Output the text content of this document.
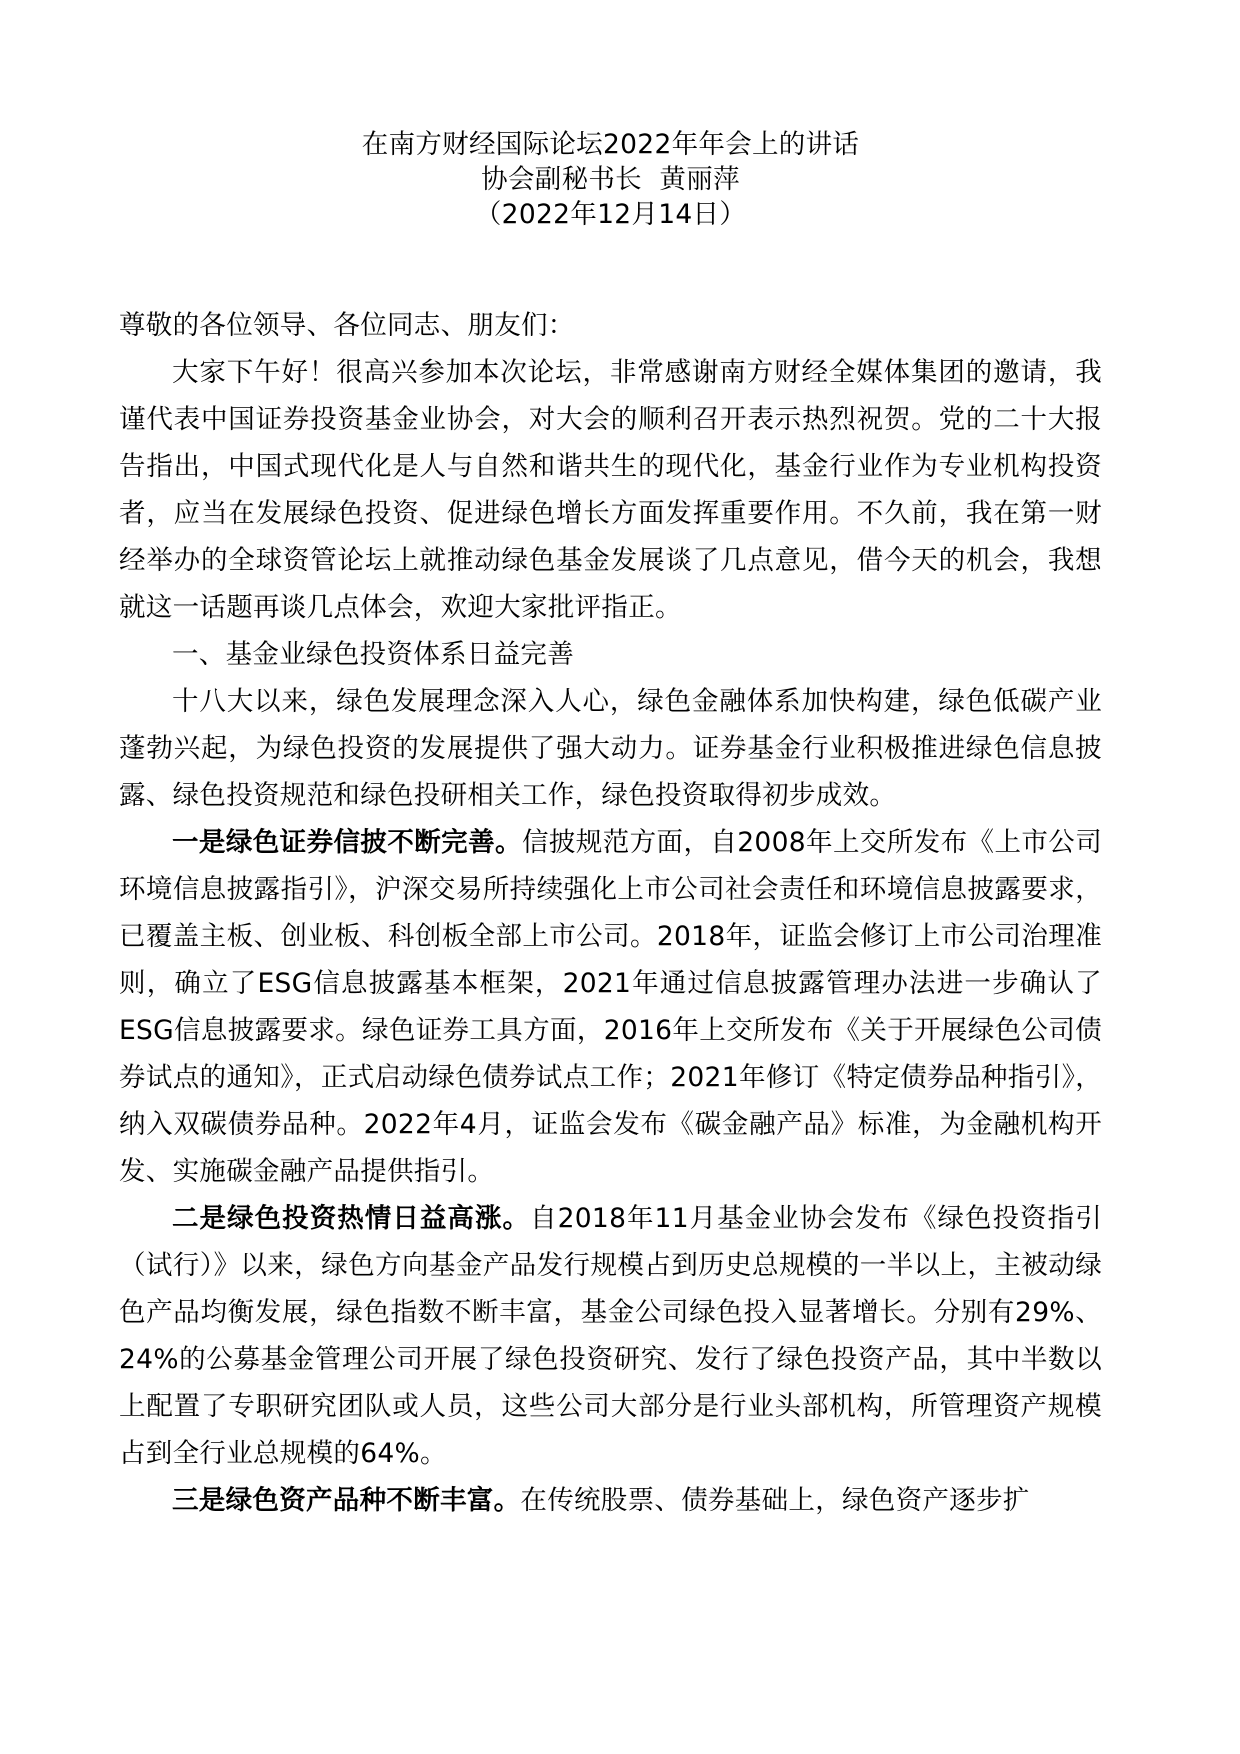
在南方财经国际论坛2022年年会上的讲话
协会副秘书长  黄丽萍
（2022年12月14日）
尊敬的各位领导、各位同志、朋友们：

大家下午好！很高兴参加本次论坛，非常感谢南方财经全媒体集团的邀请，我谨代表中国证券投资基金业协会，对大会的顺利召开表示热烈祝贺。党的二十大报告指出，中国式现代化是人与自然和谐共生的现代化，基金行业作为专业机构投资者，应当在发展绿色投资、促进绿色增长方面发挥重要作用。不久前，我在第一财经举办的全球资管论坛上就推动绿色基金发展谈了几点意见，借今天的机会，我想就这一话题再谈几点体会，欢迎大家批评指正。

一、基金业绿色投资体系日益完善

十八大以来，绿色发展理念深入人心，绿色金融体系加快构建，绿色低碳产业蓬勃兴起，为绿色投资的发展提供了强大动力。证券基金行业积极推进绿色信息披露、绿色投资规范和绿色投研相关工作，绿色投资取得初步成效。

一是绿色证券信披不断完善。信披规范方面，自2008年上交所发布《上市公司环境信息披露指引》，沪深交易所持续强化上市公司社会责任和环境信息披露要求，已覆盖主板、创业板、科创板全部上市公司。2018年，证监会修订上市公司治理准则，确立了ESG信息披露基本框架，2021年通过信息披露管理办法进一步确认了ESG信息披露要求。绿色证券工具方面，2016年上交所发布《关于开展绿色公司债券试点的通知》，正式启动绿色债券试点工作；2021年修订《特定债券品种指引》，纳入双碳债券品种。2022年4月，证监会发布《碳金融产品》标准，为金融机构开发、实施碳金融产品提供指引。

二是绿色投资热情日益高涨。自2018年11月基金业协会发布《绿色投资指引（试行）》以来，绿色方向基金产品发行规模占到历史总规模的一半以上，主被动绿色产品均衡发展，绿色指数不断丰富，基金公司绿色投入显著增长。分别有29%、24%的公募基金管理公司开展了绿色投资研究、发行了绿色投资产品，其中半数以上配置了专职研究团队或人员，这些公司大部分是行业头部机构，所管理资产规模占到全行业总规模的64%。

三是绿色资产品种不断丰富。在传统股票、债券基础上，绿色资产逐步扩
